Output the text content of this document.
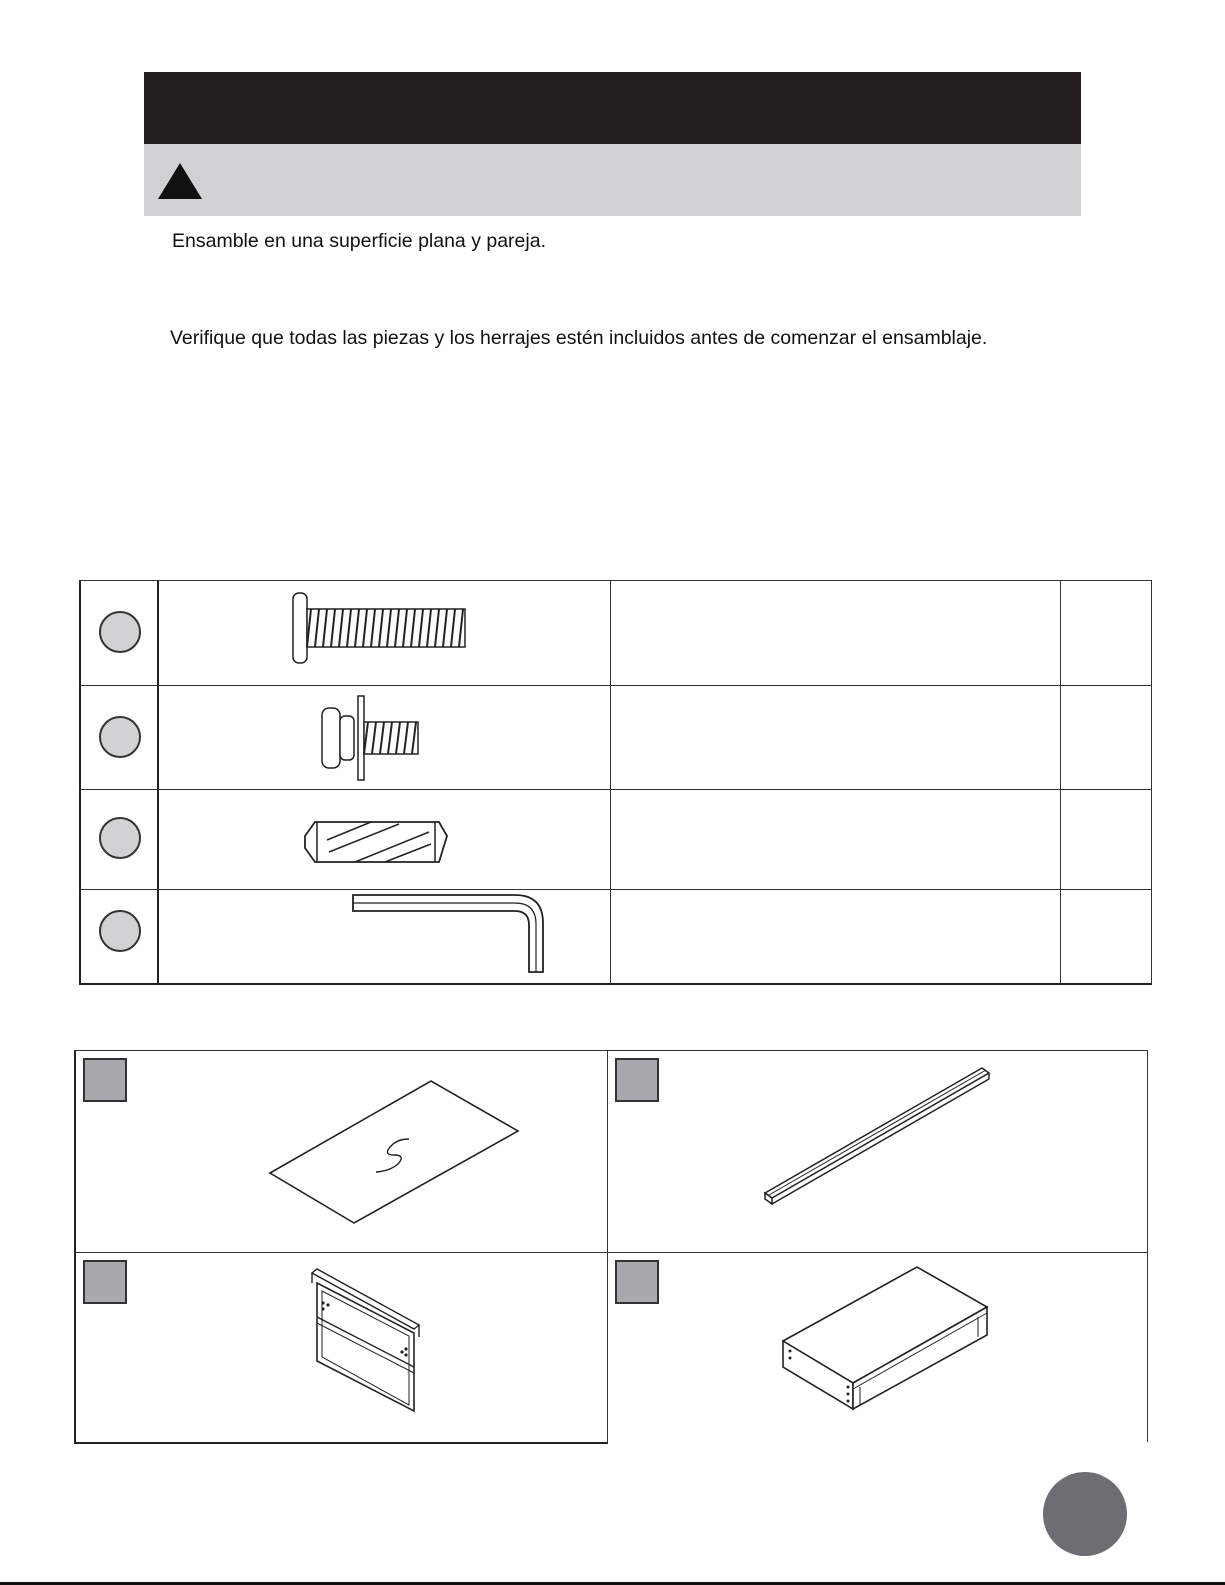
Ensamble en una superficie plana y pareja.
Verifique que todas las piezas y los herrajes estén incluidos antes de comenzar el ensamblaje.
